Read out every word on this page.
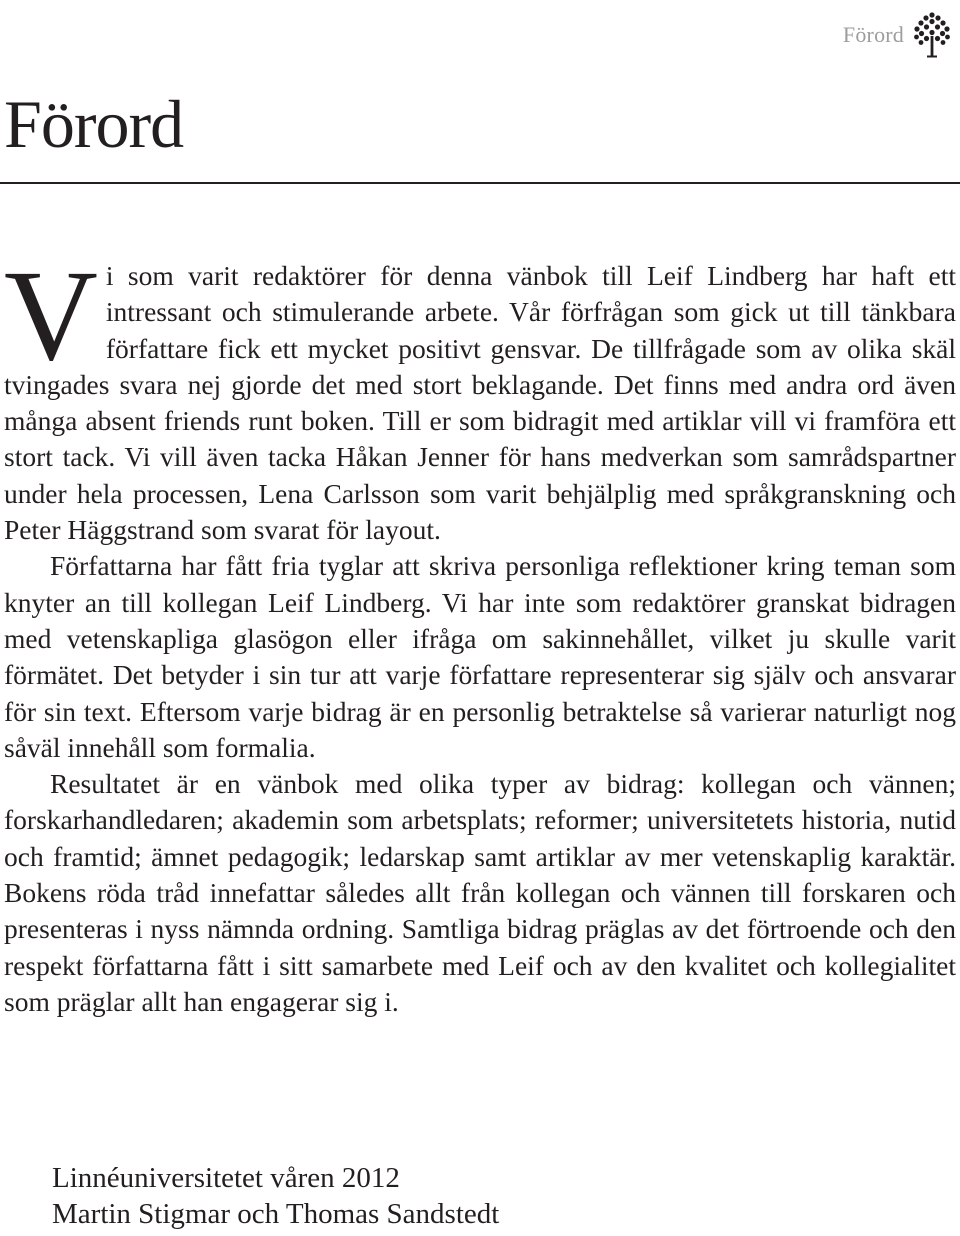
Förord
Förord

Vi som varit redaktörer för denna vänbok till Leif Lindberg har haft ett intressant och stimulerande arbete. Vår förfrågan som gick ut till tänkbara författare fick ett mycket positivt gensvar. De tillfrågade som av olika skäl tvingades svara nej gjorde det med stort beklagande. Det finns med andra ord även många absent friends runt boken. Till er som bidragit med artiklar vill vi framföra ett stort tack. Vi vill även tacka Håkan Jenner för hans medverkan som samrådspartner under hela processen, Lena Carlsson som varit behjälplig med språkgranskning och Peter Häggstrand som svarat för layout.

Författarna har fått fria tyglar att skriva personliga reflektioner kring teman som knyter an till kollegan Leif Lindberg. Vi har inte som redaktörer granskat bidragen med vetenskapliga glasögon eller ifråga om sakinnehållet, vilket ju skulle varit förmätet. Det betyder i sin tur att varje författare representerar sig själv och ansvarar för sin text. Eftersom varje bidrag är en personlig betraktelse så varierar naturligt nog såväl innehåll som formalia.

Resultatet är en vänbok med olika typer av bidrag: kollegan och vännen; forskarhandledaren; akademin som arbetsplats; reformer; universitetets historia, nutid och framtid; ämnet pedagogik; ledarskap samt artiklar av mer vetenskaplig karaktär. Bokens röda tråd innefattar således allt från kollegan och vännen till forskaren och presenteras i nyss nämnda ordning. Samtliga bidrag präglas av det förtroende och den respekt författarna fått i sitt samarbete med Leif och av den kvalitet och kollegialitet som präglar allt han engagerar sig i.

Linnéuniversitetet våren 2012
Martin Stigmar och Thomas Sandstedt
